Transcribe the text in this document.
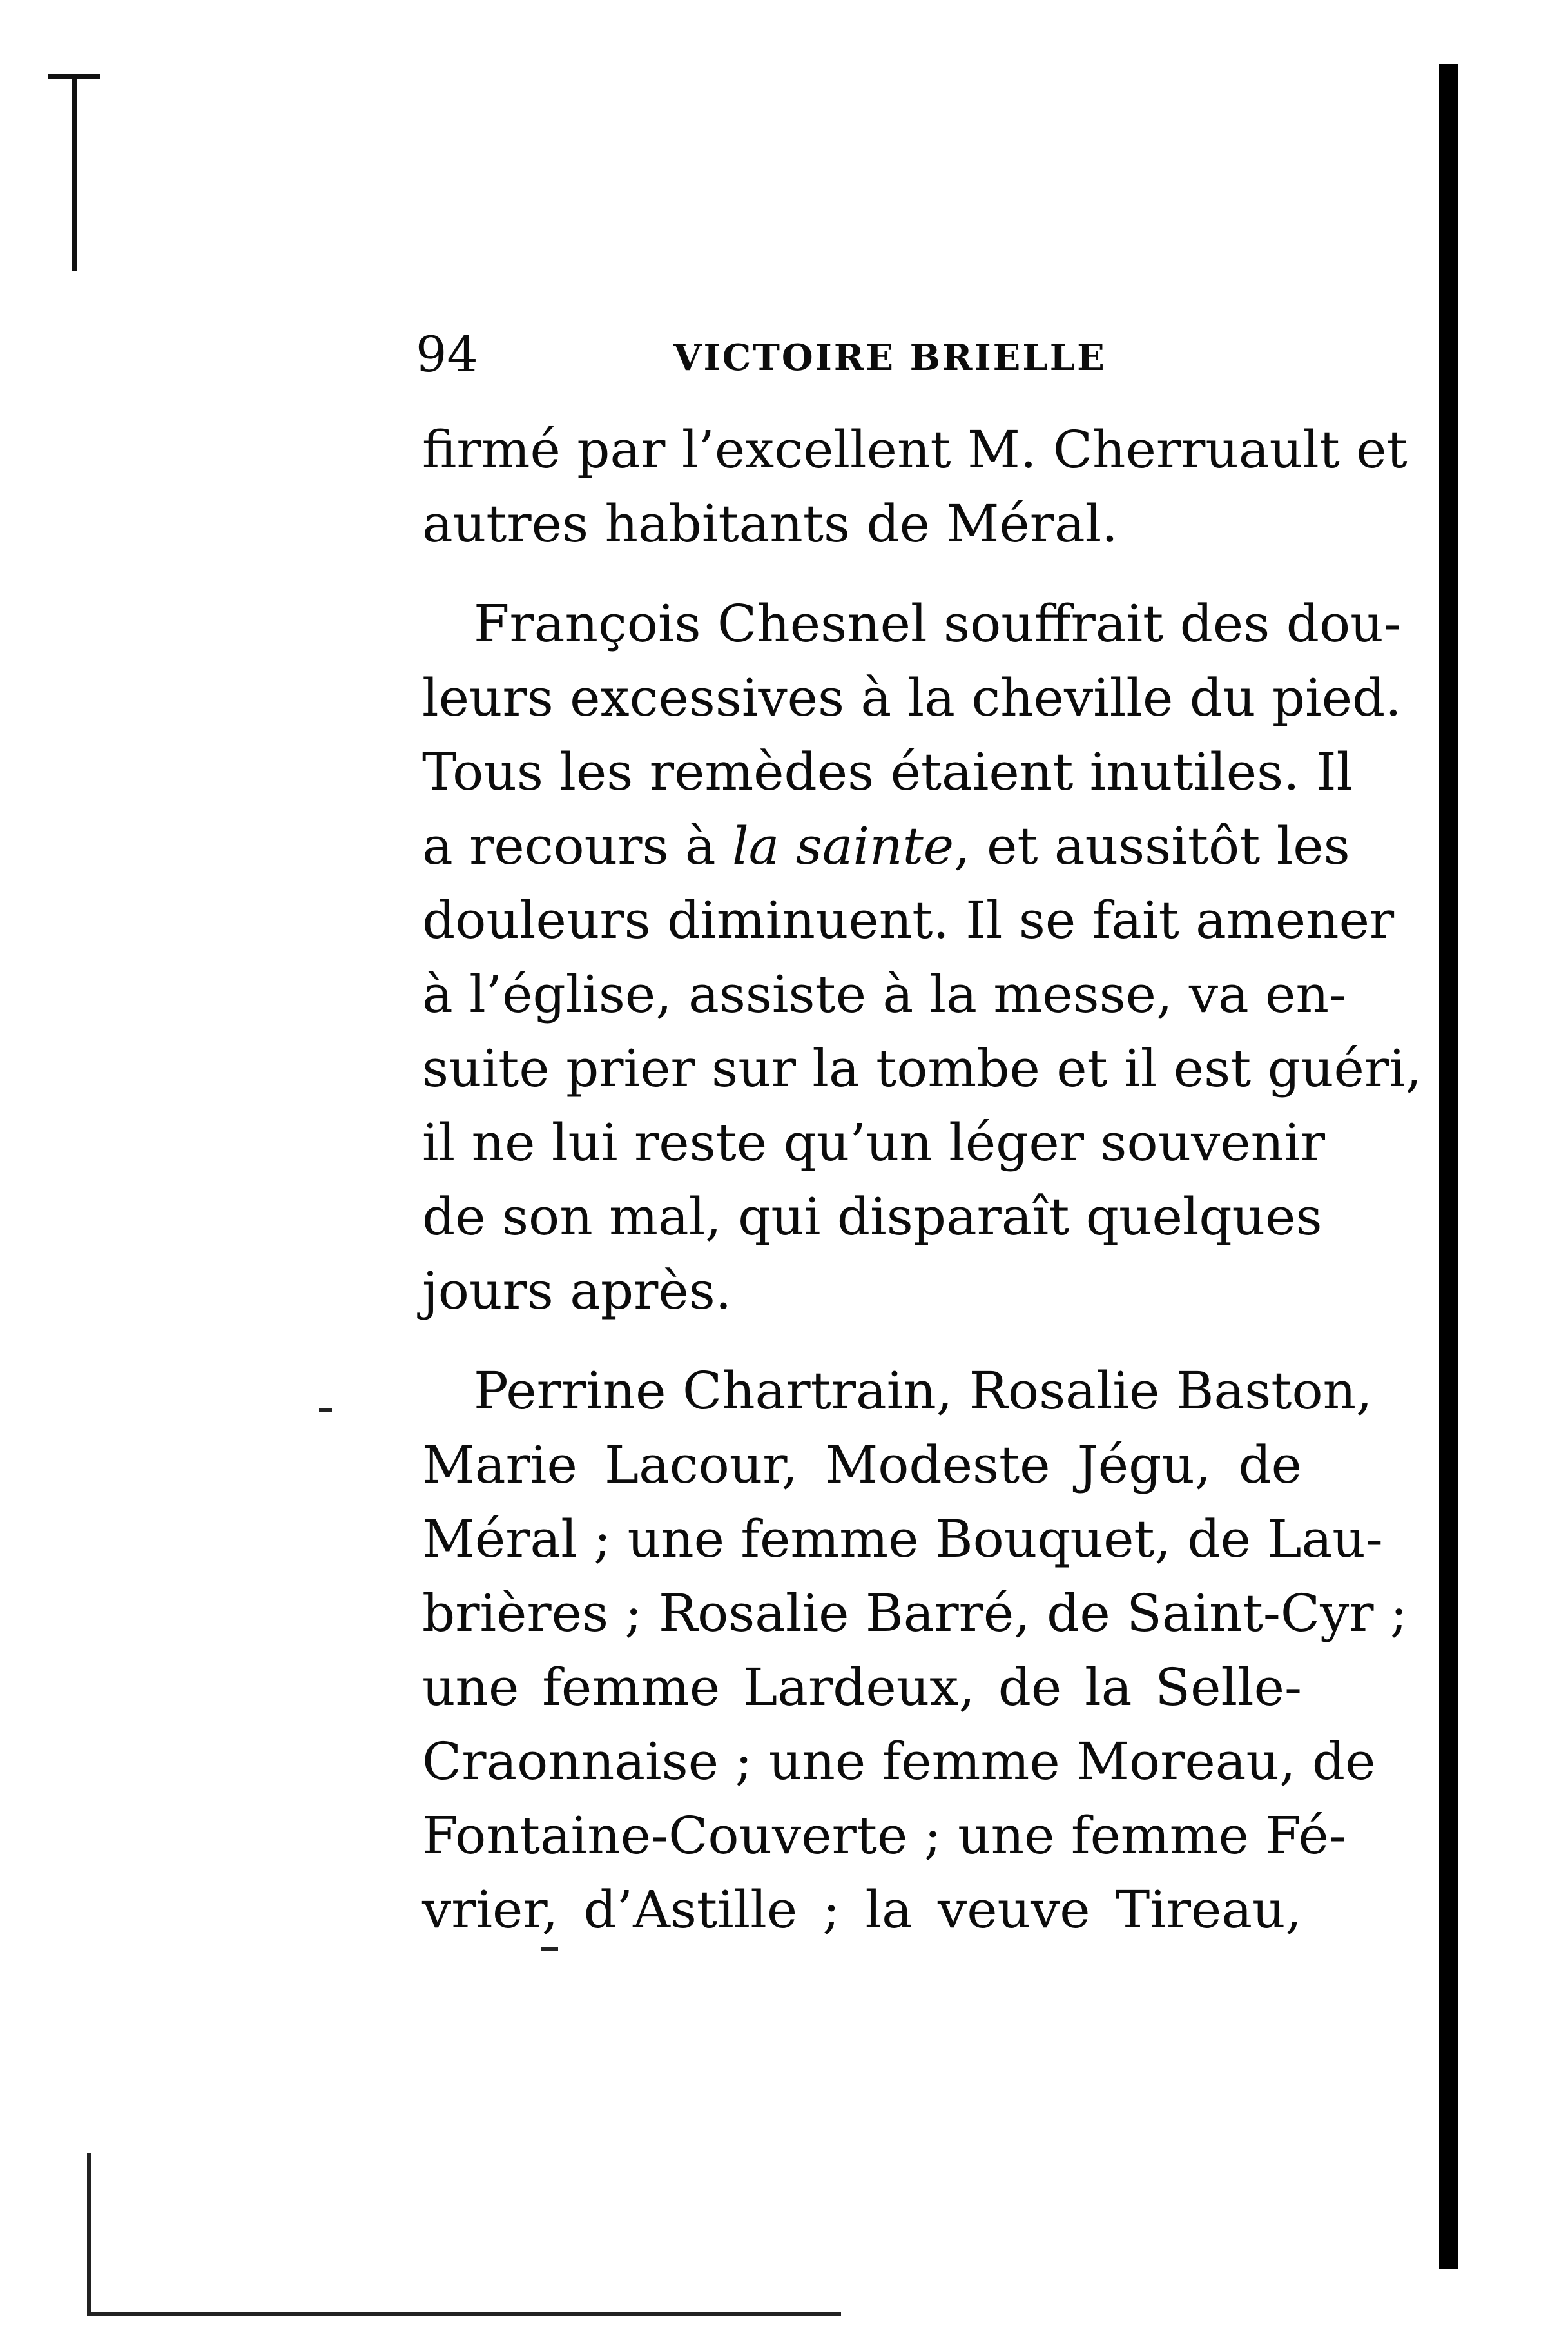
94	VICTOIRE BRIELLE
firmé par l’excellent M. Cherruault et
autres habitants de Méral.
François Chesnel souffrait des dou-
leurs excessives à la cheville du pied.
Tous les remèdes étaient inutiles. Il
a recours à la sainte, et aussitôt les
douleurs diminuent. Il se fait amener
à l’église, assiste à la messe, va en-
suite prier sur la tombe et il est guéri,
il ne lui reste qu’un léger souvenir
de son mal, qui disparaît quelques
jours après.
Perrine Chartrain, Rosalie Baston,
Marie Lacour, Modeste Jégu, de
Méral ; une femme Bouquet, de Lau-
brières ; Rosalie Barré, de Saint-Cyr ;
une femme Lardeux, de la Selle-
Craonnaise ; une femme Moreau, de
Fontaine-Couverte ; une femme Fé-
vrier, d’Astille ; la veuve Tireau,
